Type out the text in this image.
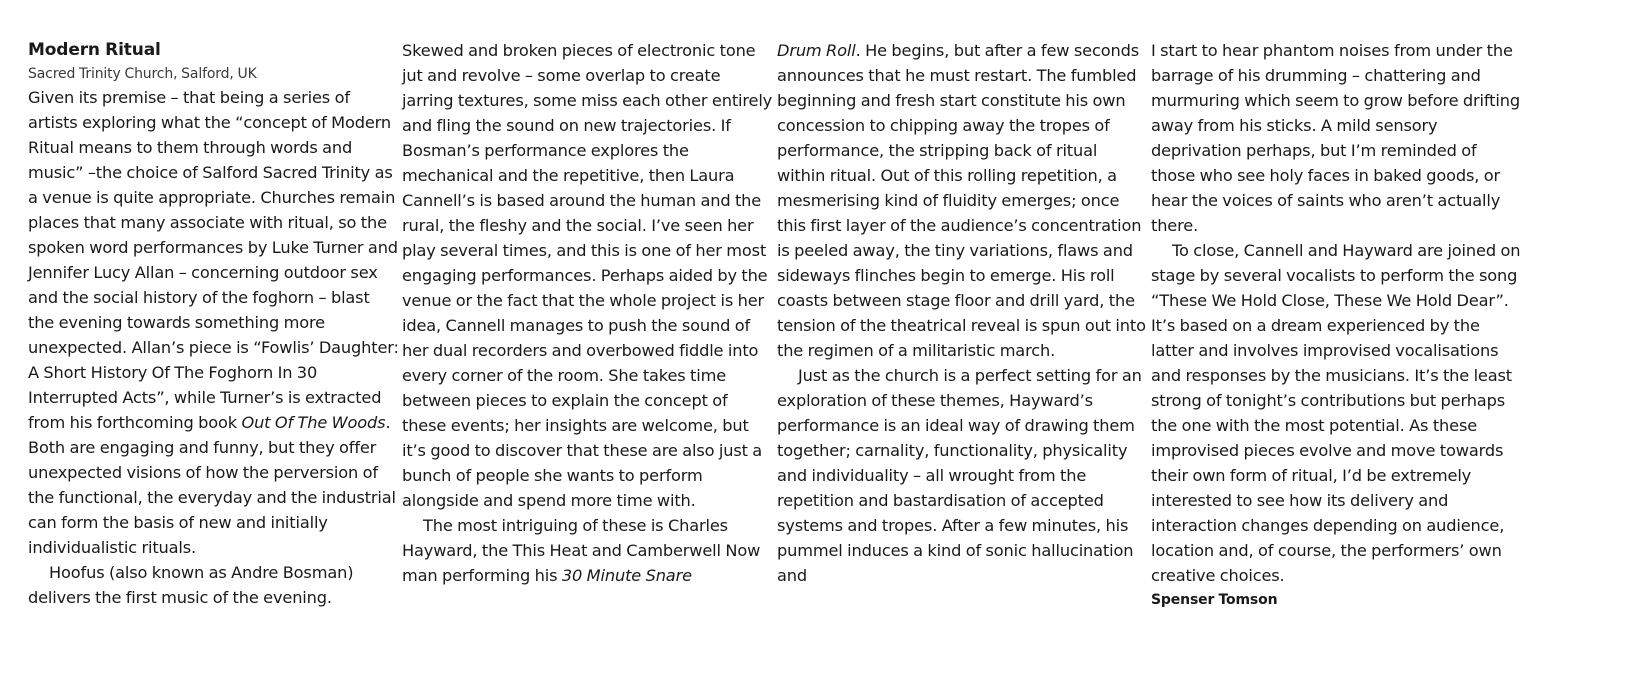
Modern Ritual
Sacred Trinity Church, Salford, UK

Given its premise – that being a series of artists exploring what the “concept of Modern Ritual means to them through words and music” –the choice of Salford Sacred Trinity as a venue is quite appropriate. Churches remain places that many associate with ritual, so the spoken word performances by Luke Turner and Jennifer Lucy Allan – concerning outdoor sex and the social history of the foghorn – blast the evening towards something more unexpected. Allan’s piece is “Fowlis’ Daughter: A Short History Of The Foghorn In 30 Interrupted Acts”, while Turner’s is extracted from his forthcoming book Out Of The Woods. Both are engaging and funny, but they offer unexpected visions of how the perversion of the functional, the everyday and the industrial can form the basis of new and initially individualistic rituals.

Hoofus (also known as Andre Bosman) delivers the first music of the evening.

Skewed and broken pieces of electronic tone jut and revolve – some overlap to create jarring textures, some miss each other entirely and fling the sound on new trajectories. If Bosman’s performance explores the mechanical and the repetitive, then Laura Cannell’s is based around the human and the rural, the fleshy and the social. I’ve seen her play several times, and this is one of her most engaging performances. Perhaps aided by the venue or the fact that the whole project is her idea, Cannell manages to push the sound of her dual recorders and overbowed fiddle into every corner of the room. She takes time between pieces to explain the concept of these events; her insights are welcome, but it’s good to discover that these are also just a bunch of people she wants to perform alongside and spend more time with.

The most intriguing of these is Charles Hayward, the This Heat and Camberwell Now man performing his 30 Minute Snare

Drum Roll. He begins, but after a few seconds announces that he must restart. The fumbled beginning and fresh start constitute his own concession to chipping away the tropes of performance, the stripping back of ritual within ritual. Out of this rolling repetition, a mesmerising kind of fluidity emerges; once this first layer of the audience’s concentration is peeled away, the tiny variations, flaws and sideways flinches begin to emerge. His roll coasts between stage floor and drill yard, the tension of the theatrical reveal is spun out into the regimen of a militaristic march.

Just as the church is a perfect setting for an exploration of these themes, Hayward’s performance is an ideal way of drawing them together; carnality, functionality, physicality and individuality – all wrought from the repetition and bastardisation of accepted systems and tropes. After a few minutes, his pummel induces a kind of sonic hallucination and

I start to hear phantom noises from under the barrage of his drumming – chattering and murmuring which seem to grow before drifting away from his sticks. A mild sensory deprivation perhaps, but I’m reminded of those who see holy faces in baked goods, or hear the voices of saints who aren’t actually there.

To close, Cannell and Hayward are joined on stage by several vocalists to perform the song “These We Hold Close, These We Hold Dear”. It’s based on a dream experienced by the latter and involves improvised vocalisations and responses by the musicians. It’s the least strong of tonight’s contributions but perhaps the one with the most potential. As these improvised pieces evolve and move towards their own form of ritual, I’d be extremely interested to see how its delivery and interaction changes depending on audience, location and, of course, the performers’ own creative choices.

Spenser Tomson
